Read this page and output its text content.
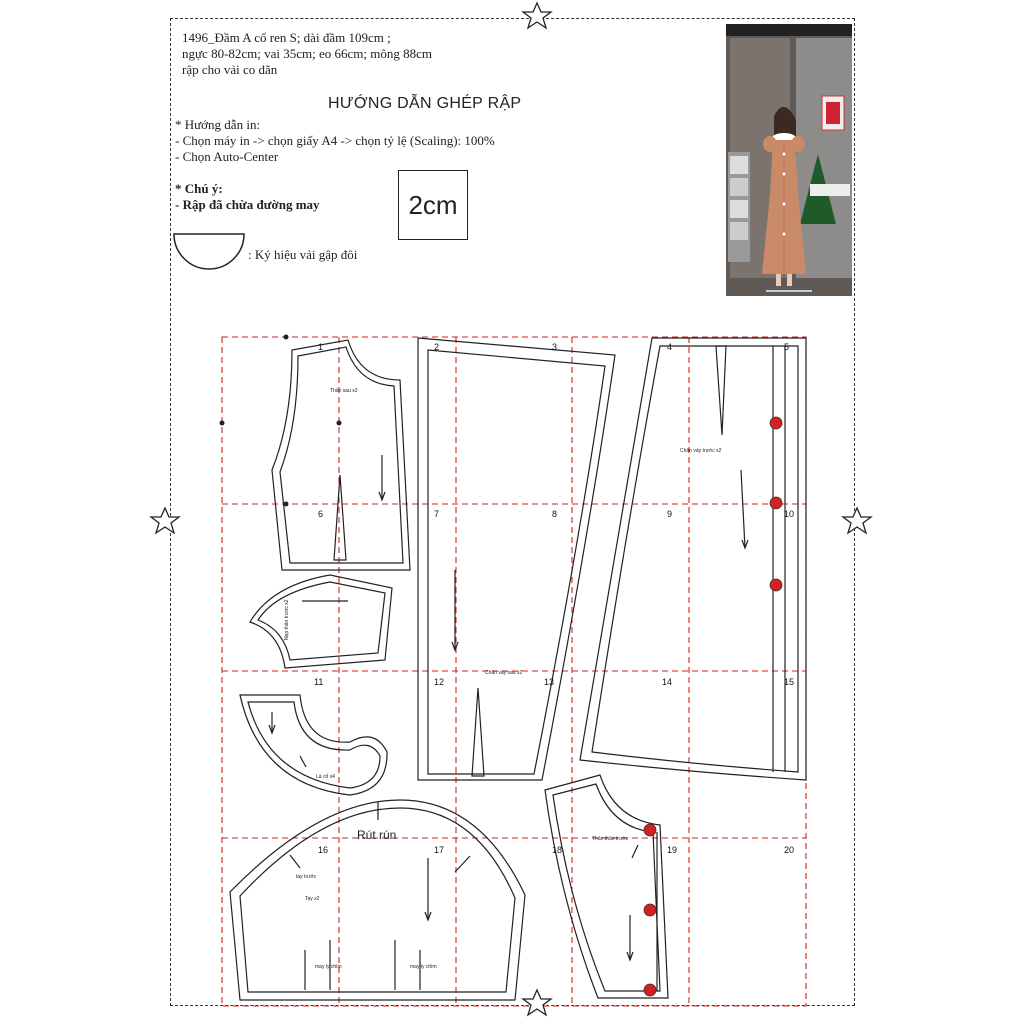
1496_Đầm A cổ ren S; dài đầm 109cm ;
ngực 80-82cm; vai 35cm; eo 66cm; mông 88cm
rập cho vải co dãn
HƯỚNG DẪN GHÉP RẬP
* Hướng dẫn in:
- Chọn máy in -> chọn giấy A4 -> chọn tỷ lệ (Scaling): 100%
- Chọn Auto-Center
* Chú ý:
- Rập đã chừa đường may	2cm
: Ký hiệu vải gập đôi
1	2	3	4	5
6	7	8	9	10
11	12	13	14	15
16	17	18	19	20
Thân sau x2
Chân váy trước x2
Chân váy sau x2
Nẹp thân trước x2
Lá cổ x4
tay trước
Tay x2
may ly chìm	may ly chìm
Thân thân trước
Rút rún
